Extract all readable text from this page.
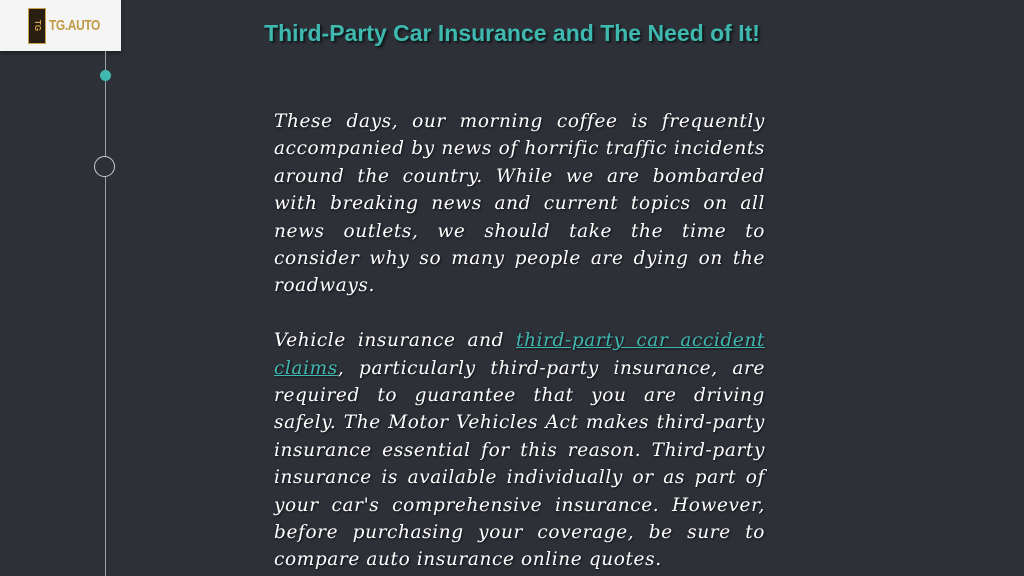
TG TG.AUTO	Third-Party Car Insurance and The Need of It!

These days, our morning coffee is frequently accompanied by news of horrific traffic incidents around the country. While we are bombarded with breaking news and current topics on all news outlets, we should take the time to consider why so many people are dying on the roadways.

Vehicle insurance and third-party car accident claims, particularly third-party insurance, are required to guarantee that you are driving safely. The Motor Vehicles Act makes third-party insurance essential for this reason. Third-party insurance is available individually or as part of your car's comprehensive insurance. However, before purchasing your coverage, be sure to compare auto insurance online quotes.
